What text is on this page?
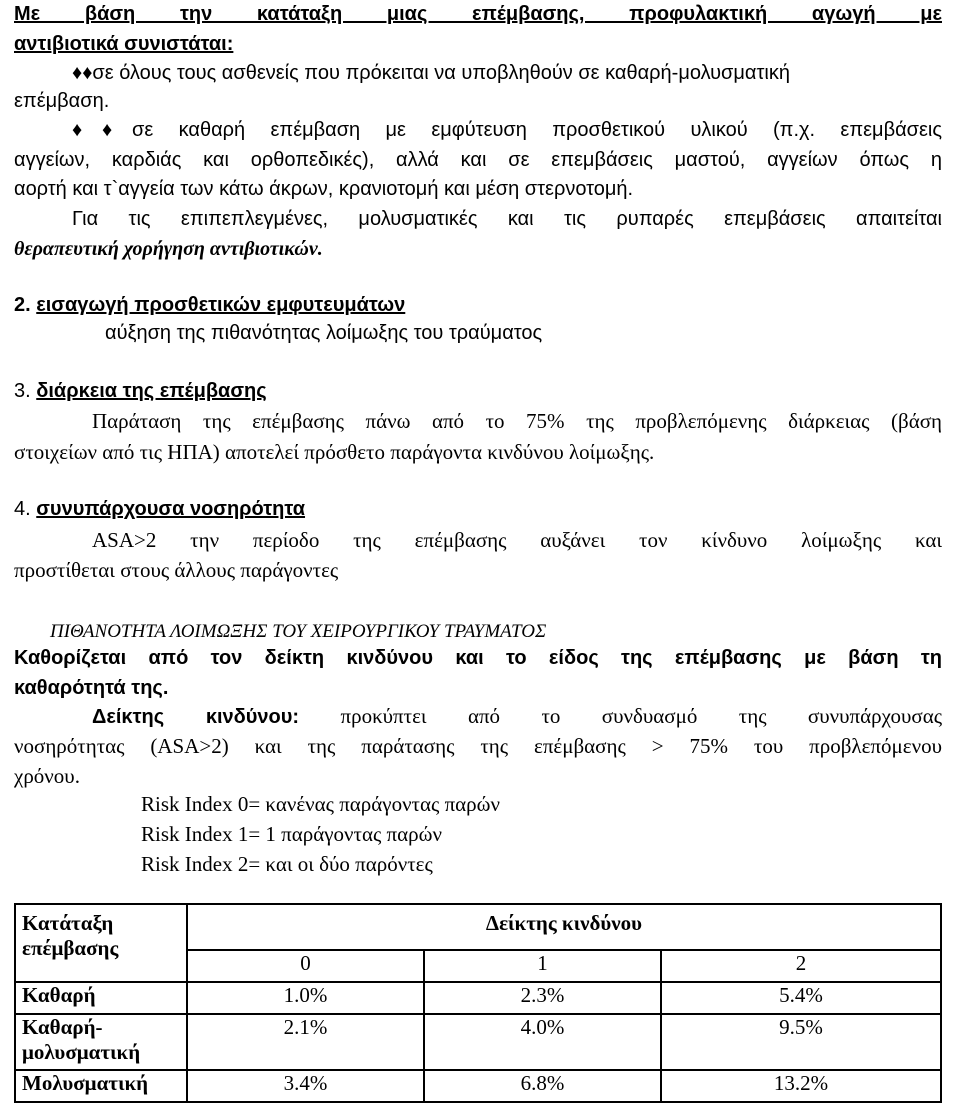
Με βάση την κατάταξη μιας επέμβασης, προφυλακτική αγωγή με
αντιβιοτικά συνιστάται:
♦♦σε όλους τους ασθενείς που πρόκειται να υποβληθούν σε καθαρή-μολυσματική
επέμβαση.
♦♦σε καθαρή επέμβαση με εμφύτευση προσθετικού υλικού (π.χ. επεμβάσεις
αγγείων, καρδιάς και ορθοπεδικές), αλλά και σε επεμβάσεις μαστού, αγγείων όπως η
αορτή και τ`αγγεία των κάτω άκρων, κρανιοτομή και μέση στερνοτομή.
Για τις επιπεπλεγμένες, μολυσματικές και τις ρυπαρές επεμβάσεις απαιτείται
θεραπευτική χορήγηση αντιβιοτικών.
2. εισαγωγή προσθετικών εμφυτευμάτων
αύξηση της πιθανότητας λοίμωξης του τραύματος
3. διάρκεια της επέμβασης
Παράταση της επέμβασης πάνω από το 75% της προβλεπόμενης διάρκειας (βάση
στοιχείων από τις ΗΠΑ) αποτελεί πρόσθετο παράγοντα κινδύνου λοίμωξης.
4. συνυπάρχουσα νοσηρότητα
ASA>2 την περίοδο της επέμβασης αυξάνει τον κίνδυνο λοίμωξης και
προστίθεται στους άλλους παράγοντες
ΠΙΘΑΝΟΤΗΤΑ ΛΟΙΜΩΞΗΣ ΤΟΥ ΧΕΙΡΟΥΡΓΙΚΟΥ ΤΡΑΥΜΑΤΟΣ
Καθορίζεται από τον δείκτη κινδύνου και το είδος της επέμβασης με βάση τη
καθαρότητά της.
Δείκτης κινδύνου: προκύπτει από το συνδυασμό της συνυπάρχουσας
νοσηρότητας (ASA>2) και της παράτασης της επέμβασης > 75% του προβλεπόμενου
χρόνου.
Risk Index 0= κανένας παράγοντας παρών
Risk Index 1= 1 παράγοντας παρών
Risk Index 2= και οι δύο παρόντες
Κατάταξη επέμβασης	Δείκτης κινδύνου		
	0	1	2
Καθαρή	1.0%	2.3%	5.4%
Καθαρή-μολυσματική	2.1%	4.0%	9.5%
Μολυσματική	3.4%	6.8%	13.2%
